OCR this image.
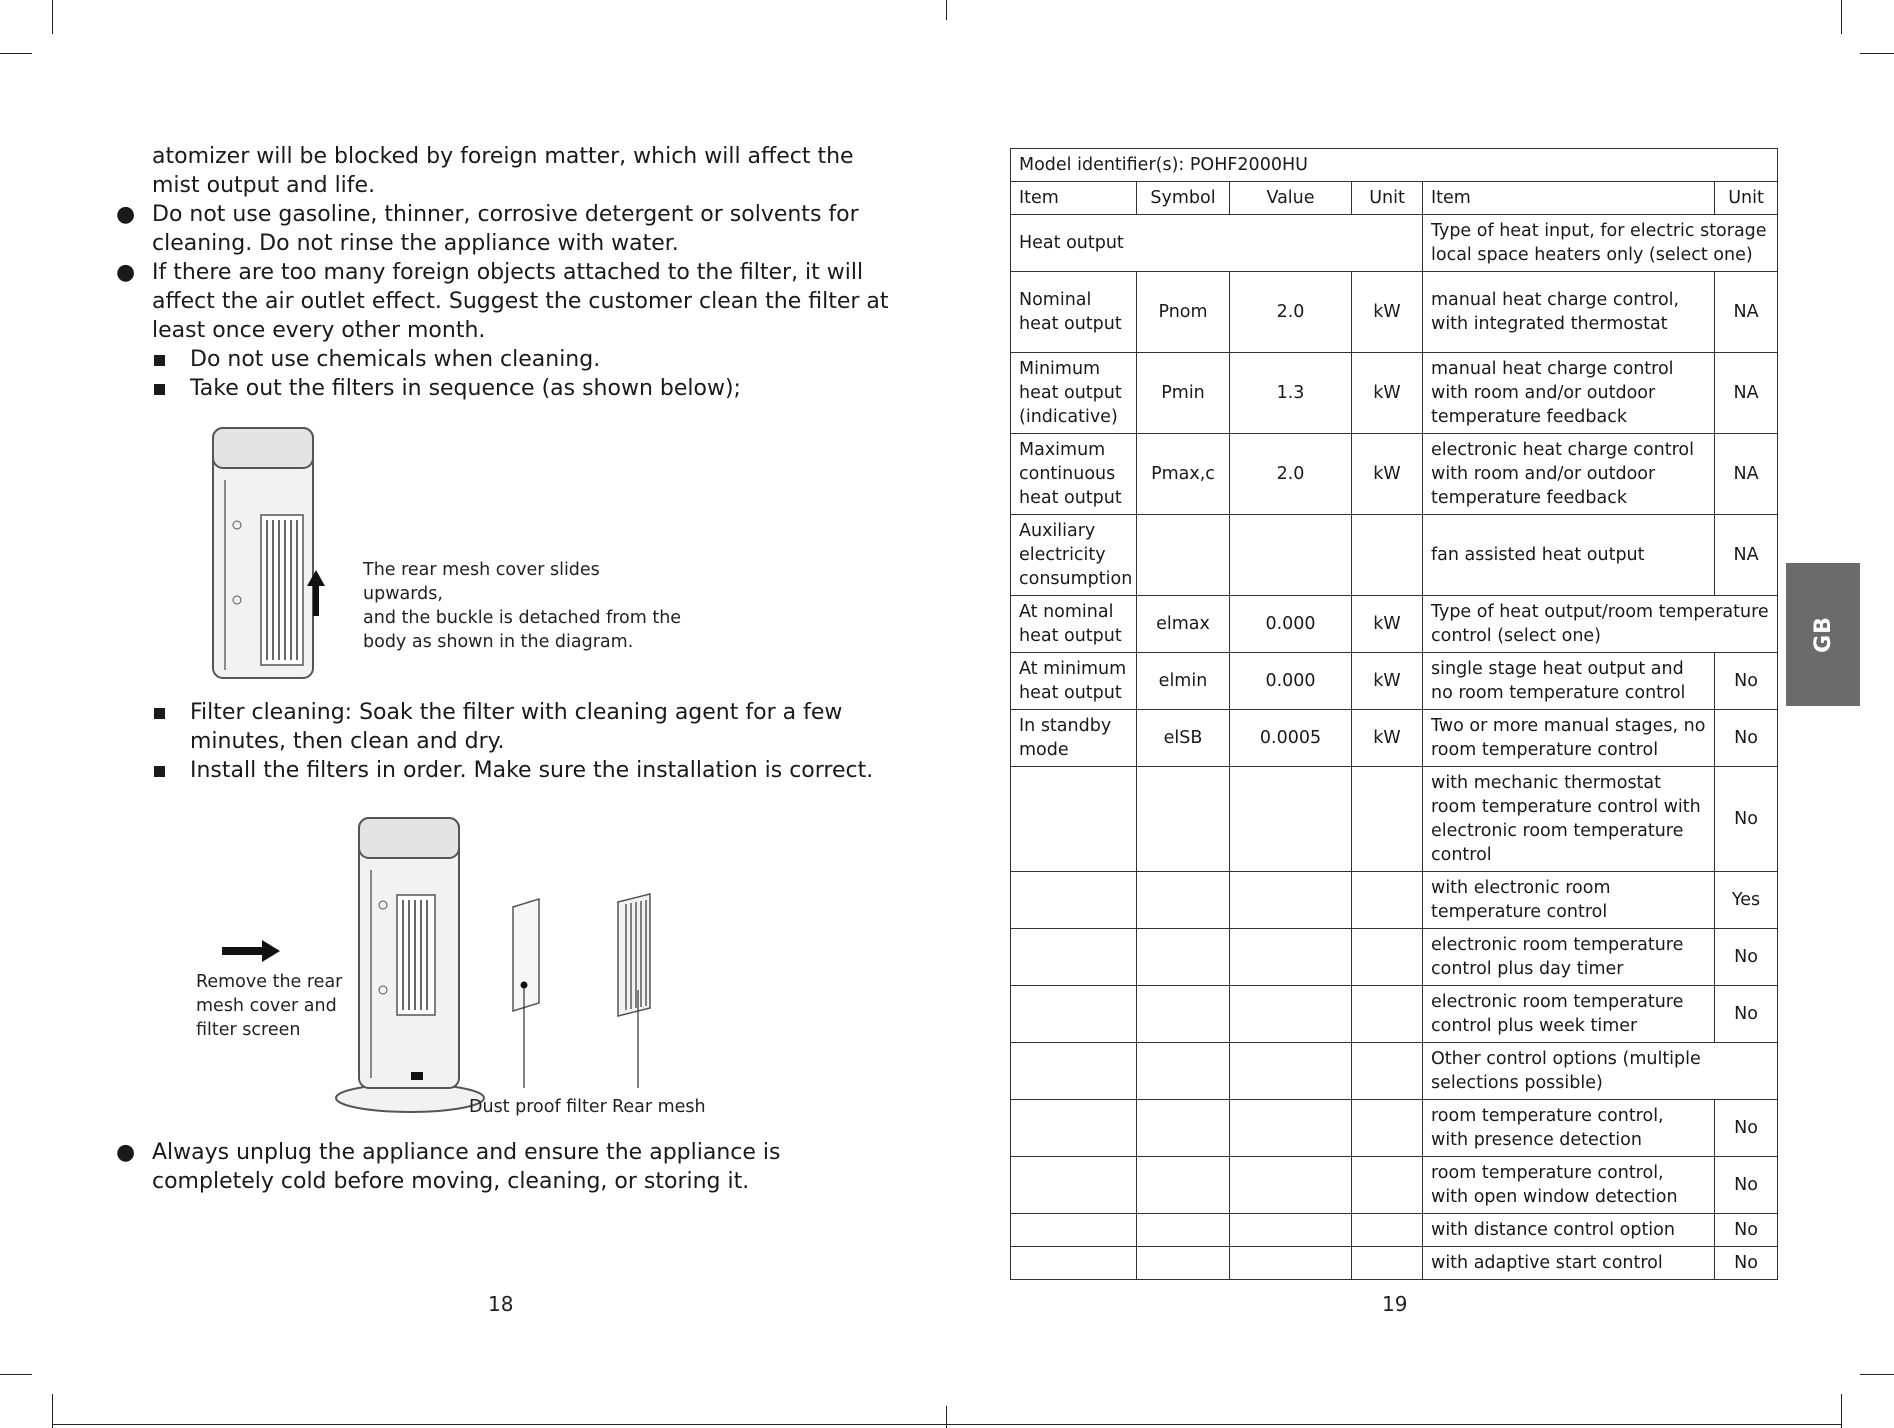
atomizer will be blocked by foreign matter, which will affect the mist output and life.

● Do not use gasoline, thinner, corrosive detergent or solvents for cleaning. Do not rinse the appliance with water.

● If there are too many foreign objects attached to the filter, it will affect the air outlet effect. Suggest the customer clean the filter at least once every other month.

Do not use chemicals when cleaning.

Take out the filters in sequence (as shown below);

The rear mesh cover slides upwards,
and the buckle is detached from the
body as shown in the diagram.

Filter cleaning: Soak the filter with cleaning agent for a few minutes, then clean and dry.

Install the filters in order. Make sure the installation is correct.

Remove the rear
mesh cover and
filter screen
Dust proof filter Rear mesh

● Always unplug the appliance and ensure the appliance is completely cold before moving, cleaning, or storing it.

18
Model identifier(s): POHF2000HU					
Item	Symbol	Value	Unit	Item	Unit
Heat output				Type of heat input, for electric storage local space heaters only (select one)	
Nominal heat output	Pnom	2.0	kW	manual heat charge control, with integrated thermostat	NA
Minimum heat output (indicative)	Pmin	1.3	kW	manual heat charge control with room and/or outdoor temperature feedback	NA
Maximum continuous heat output	Pmax,c	2.0	kW	electronic heat charge control with room and/or outdoor temperature feedback	NA
Auxiliary electricity consumption				fan assisted heat output	NA
At nominal heat output	elmax	0.000	kW	Type of heat output/room temperature control (select one)	
At minimum heat output	elmin	0.000	kW	single stage heat output and no room temperature control	No
In standby mode	elSB	0.0005	kW	Two or more manual stages, no room temperature control	No
				with mechanic thermostat room temperature control with electronic room temperature control	No
				with electronic room temperature control	Yes
				electronic room temperature control plus day timer	No
				electronic room temperature control plus week timer	No
				Other control options (multiple selections possible)	
				room temperature control, with presence detection	No
				room temperature control, with open window detection	No
				with distance control option	No
				with adaptive start control	No
19
GB
